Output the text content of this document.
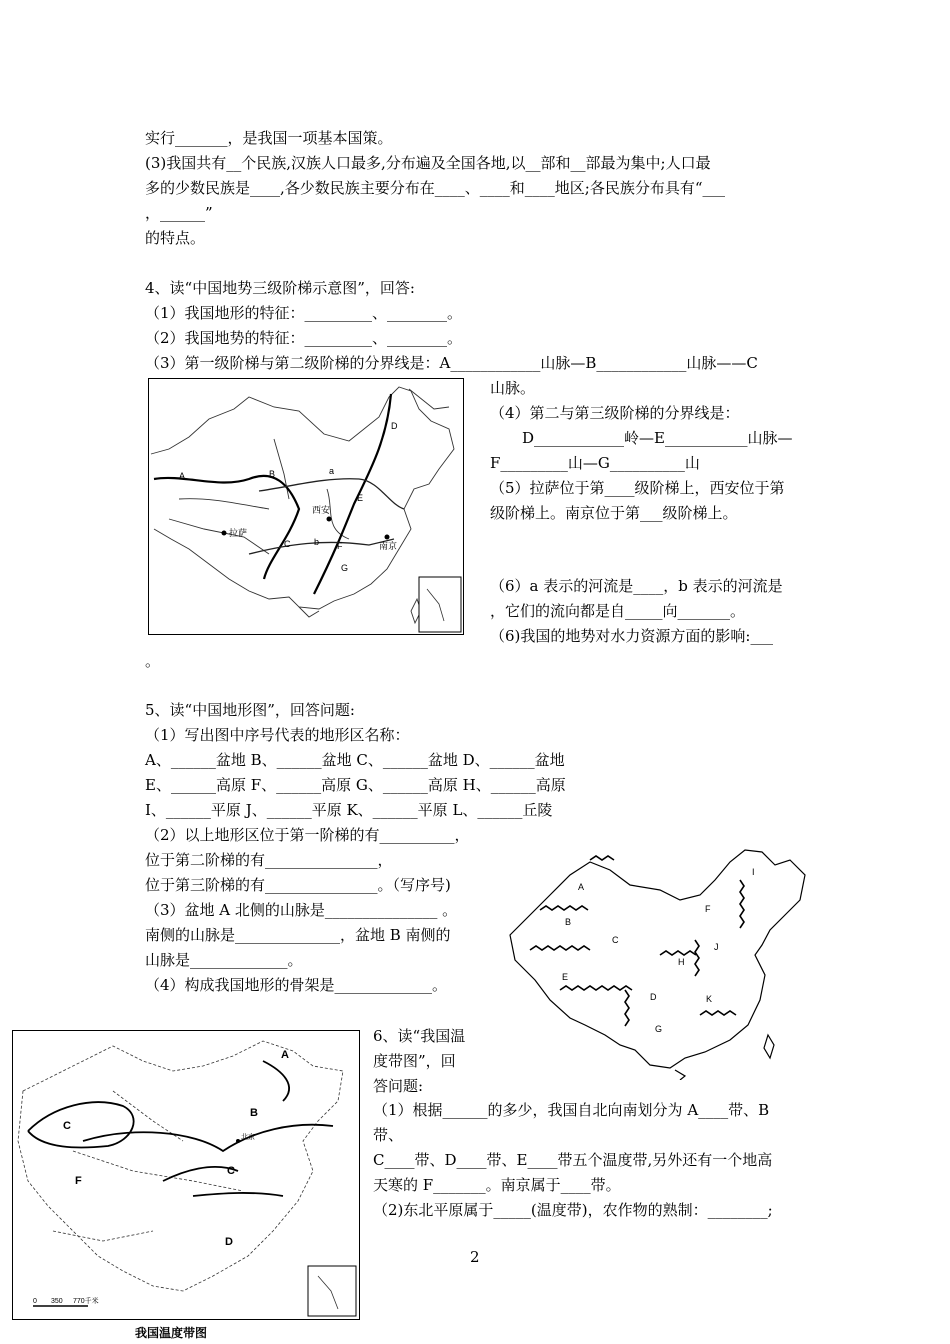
实行_______，是我国一项基本国策。
(3)我国共有__个民族,汉族人口最多,分布遍及全国各地,以__部和__部最为集中;人口最
多的少数民族是____,各少数民族主要分布在____、____和____地区;各民族分布具有“___
，______”
的特点。
4、读“中国地势三级阶梯示意图”，回答:
（1）我国地形的特征：_________、________。
（2）我国地势的特征：_________、________。
（3）第一级阶梯与第二级阶梯的分界线是：A____________山脉—B____________山脉——C
山脉。
（4）第二与第三级阶梯的分界线是：
D____________岭—E___________山脉—
F_________山—G__________山
（5）拉萨位于第____级阶梯上，西安位于第
级阶梯上。南京位于第___级阶梯上。
（6）a 表示的河流是____，b 表示的河流是
，它们的流向都是自_____向_______。
（6)我国的地势对水力资源方面的影响:___
。
A	B	a
D
E
C	b F
G
西安
拉萨
南京
5、读“中国地形图”，回答问题:
（1）写出图中序号代表的地形区名称：
A、______盆地 B、______盆地 C、______盆地 D、______盆地
E、______高原 F、______高原 G、______高原 H、______高原
I、______平原 J、______平原 K、______平原 L、______丘陵
（2）以上地形区位于第一阶梯的有__________，
位于第二阶梯的有_______________，
位于第三阶梯的有_______________。（写序号)
（3）盆地 A 北侧的山脉是_______________ 。
南侧的山脉是______________，盆地 B 南侧的
山脉是_____________。
（4）构成我国地形的骨架是_____________。
A
B
C
D
E
F
G
H
I
J
K
6、读“我国温
度带图”，回
答问题:
（1）根据______的多少，我国自北向南划分为 A____带、B
带、
C____带、D____带、E____带五个温度带,另外还有一个地高
天寒的 F_______。南京属于____带。
（2)东北平原属于_____(温度带)，农作物的熟制：________;
A
B
C
C
F
D
北京
0 350 770千米
我国温度带图
2
